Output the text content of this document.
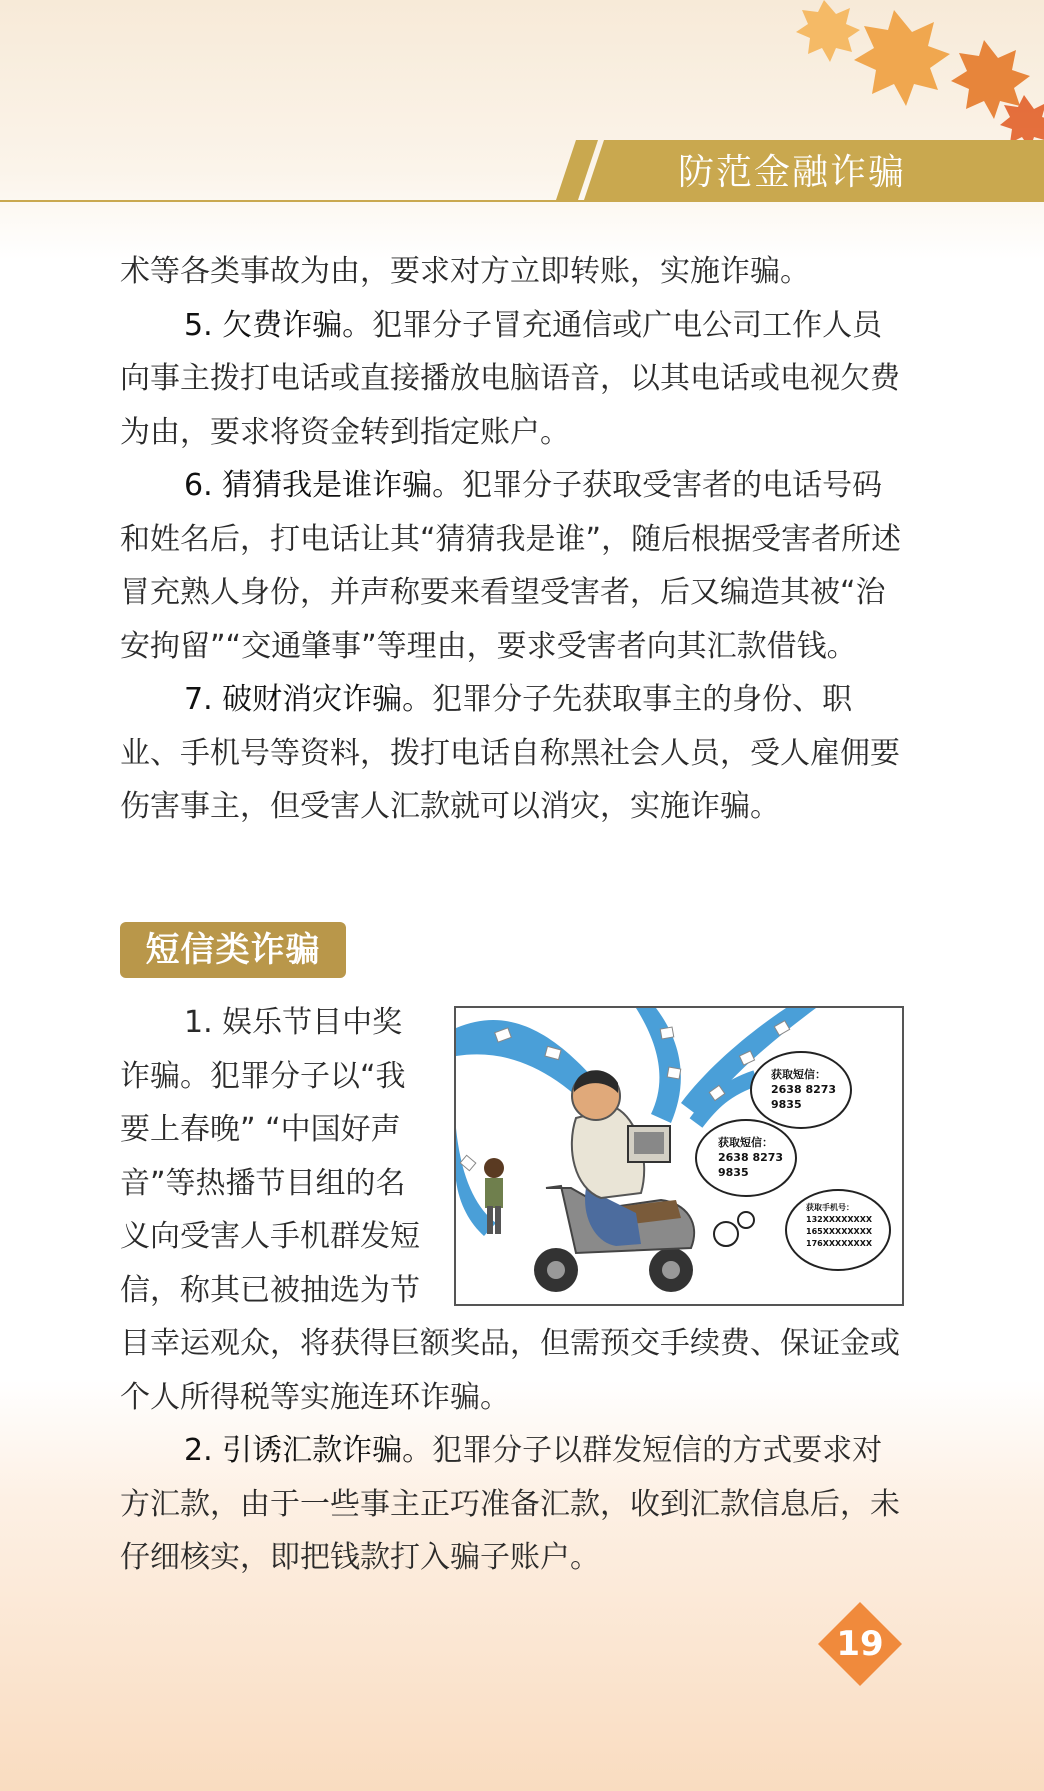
防范金融诈骗

术等各类事故为由，要求对方立即转账，实施诈骗。

5. 欠费诈骗。犯罪分子冒充通信或广电公司工作人员向事主拨打电话或直接播放电脑语音，以其电话或电视欠费为由，要求将资金转到指定账户。

6. 猜猜我是谁诈骗。犯罪分子获取受害者的电话号码和姓名后，打电话让其“猜猜我是谁”，随后根据受害者所述冒充熟人身份，并声称要来看望受害者，后又编造其被“治安拘留”“交通肇事”等理由，要求受害者向其汇款借钱。

7. 破财消灾诈骗。犯罪分子先获取事主的身份、职业、手机号等资料，拨打电话自称黑社会人员，受人雇佣要伤害事主，但受害人汇款就可以消灾，实施诈骗。

短信类诈骗

1. 娱乐节目中奖

诈骗。犯罪分子以“我

要上春晚” “中国好声

音”等热播节目组的名

义向受害人手机群发短

信，称其已被抽选为节

获取短信：
2638 8273
9835
获取短信：
2638 8273
9835
获取手机号：
132XXXXXXXX
165XXXXXXXX
176XXXXXXXX

目幸运观众，将获得巨额奖品，但需预交手续费、保证金或个人所得税等实施连环诈骗。

2. 引诱汇款诈骗。犯罪分子以群发短信的方式要求对方汇款，由于一些事主正巧准备汇款，收到汇款信息后，未仔细核实，即把钱款打入骗子账户。

19
